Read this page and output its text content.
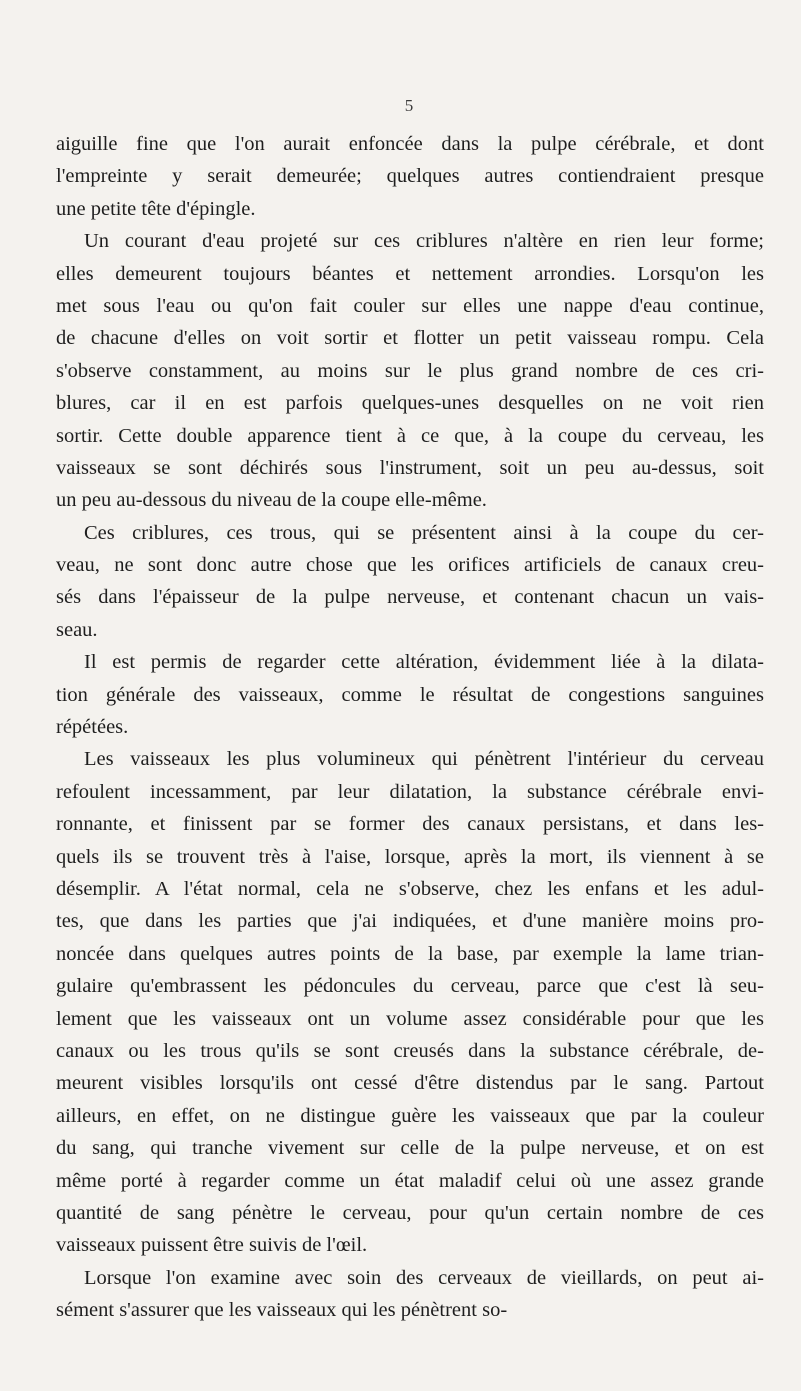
5
aiguille fine que l'on aurait enfoncée dans la pulpe cérébrale, et dont
l'empreinte y serait demeurée; quelques autres contiendraient presque
une petite tête d'épingle.
Un courant d'eau projeté sur ces criblures n'altère en rien leur forme;
elles demeurent toujours béantes et nettement arrondies. Lorsqu'on les
met sous l'eau ou qu'on fait couler sur elles une nappe d'eau continue,
de chacune d'elles on voit sortir et flotter un petit vaisseau rompu. Cela
s'observe constamment, au moins sur le plus grand nombre de ces cri-
blures, car il en est parfois quelques-unes desquelles on ne voit rien
sortir. Cette double apparence tient à ce que, à la coupe du cerveau, les
vaisseaux se sont déchirés sous l'instrument, soit un peu au-dessus, soit
un peu au-dessous du niveau de la coupe elle-même.
Ces criblures, ces trous, qui se présentent ainsi à la coupe du cer-
veau, ne sont donc autre chose que les orifices artificiels de canaux creu-
sés dans l'épaisseur de la pulpe nerveuse, et contenant chacun un vais-
seau.
Il est permis de regarder cette altération, évidemment liée à la dilata-
tion générale des vaisseaux, comme le résultat de congestions sanguines
répétées.
Les vaisseaux les plus volumineux qui pénètrent l'intérieur du cerveau
refoulent incessamment, par leur dilatation, la substance cérébrale envi-
ronnante, et finissent par se former des canaux persistans, et dans les-
quels ils se trouvent très à l'aise, lorsque, après la mort, ils viennent à se
désemplir. A l'état normal, cela ne s'observe, chez les enfans et les adul-
tes, que dans les parties que j'ai indiquées, et d'une manière moins pro-
noncée dans quelques autres points de la base, par exemple la lame trian-
gulaire qu'embrassent les pédoncules du cerveau, parce que c'est là seu-
lement que les vaisseaux ont un volume assez considérable pour que les
canaux ou les trous qu'ils se sont creusés dans la substance cérébrale, de-
meurent visibles lorsqu'ils ont cessé d'être distendus par le sang. Partout
ailleurs, en effet, on ne distingue guère les vaisseaux que par la couleur
du sang, qui tranche vivement sur celle de la pulpe nerveuse, et on est
même porté à regarder comme un état maladif celui où une assez grande
quantité de sang pénètre le cerveau, pour qu'un certain nombre de ces
vaisseaux puissent être suivis de l'œil.
Lorsque l'on examine avec soin des cerveaux de vieillards, on peut ai-
sément s'assurer que les vaisseaux qui les pénètrent so-
